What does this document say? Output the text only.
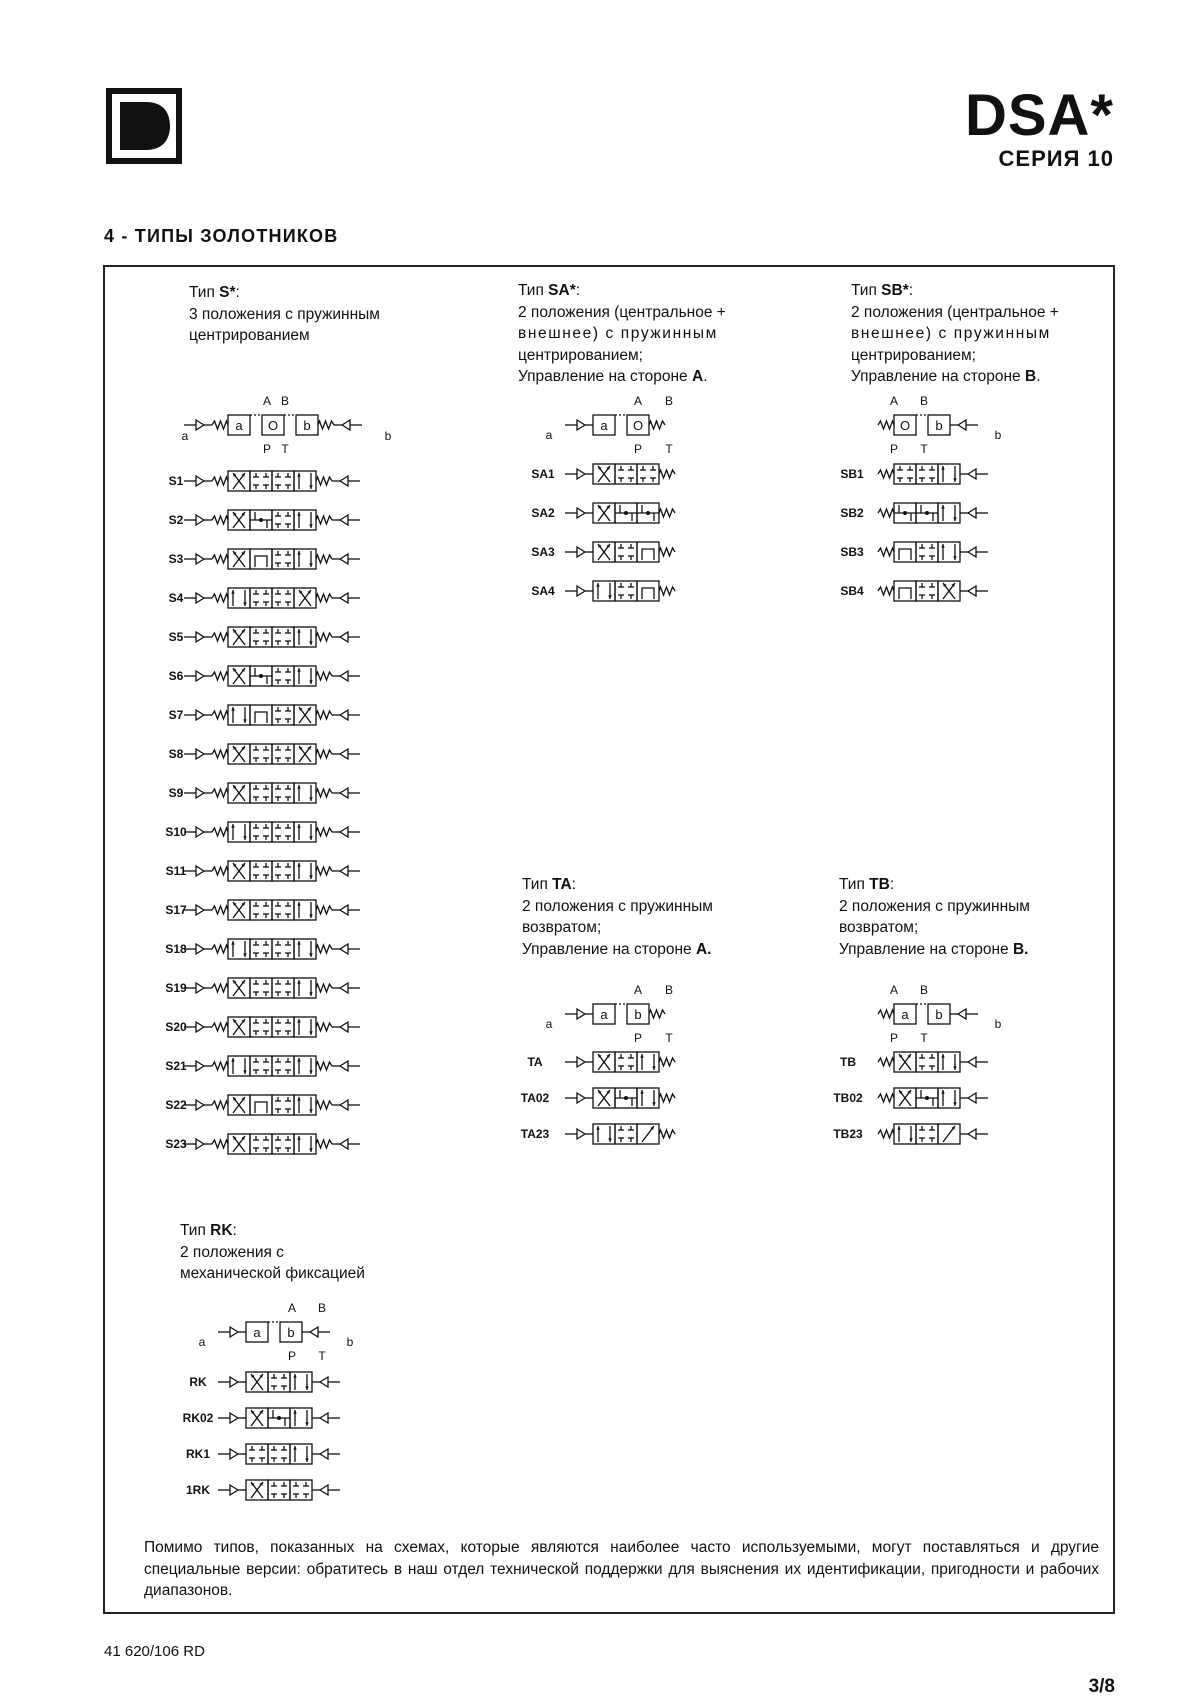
DSA*
СЕРИЯ 10
4 - ТИПЫ ЗОЛОТНИКОВ
Тип S*:
3 положения с пружинным
центрированием
Тип SA*:
2 положения (центральное +
внешнее) с пружинным
центрированием;
Управление на стороне A.
Тип SB*:
2 положения (центральное +
внешнее) с пружинным
центрированием;
Управление на стороне B.
Тип TA:
2 положения с пружинным
возвратом;
Управление на стороне A.
Тип TB:
2 положения с пружинным
возвратом;
Управление на стороне B.
Тип RK:
2 положения с
механической фиксацией
A B
P T
a	b
a O b
S1
S2
S3
S4
S5
S6
S7
S8
S9
S10
S11
S17
S18
S19
S20
S21
S22
S23
A B
P T
a
a O
SA1
SA2
SA3
SA4
A B
P T
b
O b
SB1
SB2
SB3
SB4
A B
P T
a
a b
TA
TA02
TA23
A B
P T
b
a b
TB
TB02
TB23
A B
P T
a	b
a b
RK
RK02
RK1
1RK
Помимо типов, показанных на схемах, которые являются наиболее часто используемыми, могут поставляться и другие специальные версии: обратитесь в наш отдел технической поддержки для выяснения их идентификации, пригодности и рабочих диапазонов.
41 620/106 RD
3/8
